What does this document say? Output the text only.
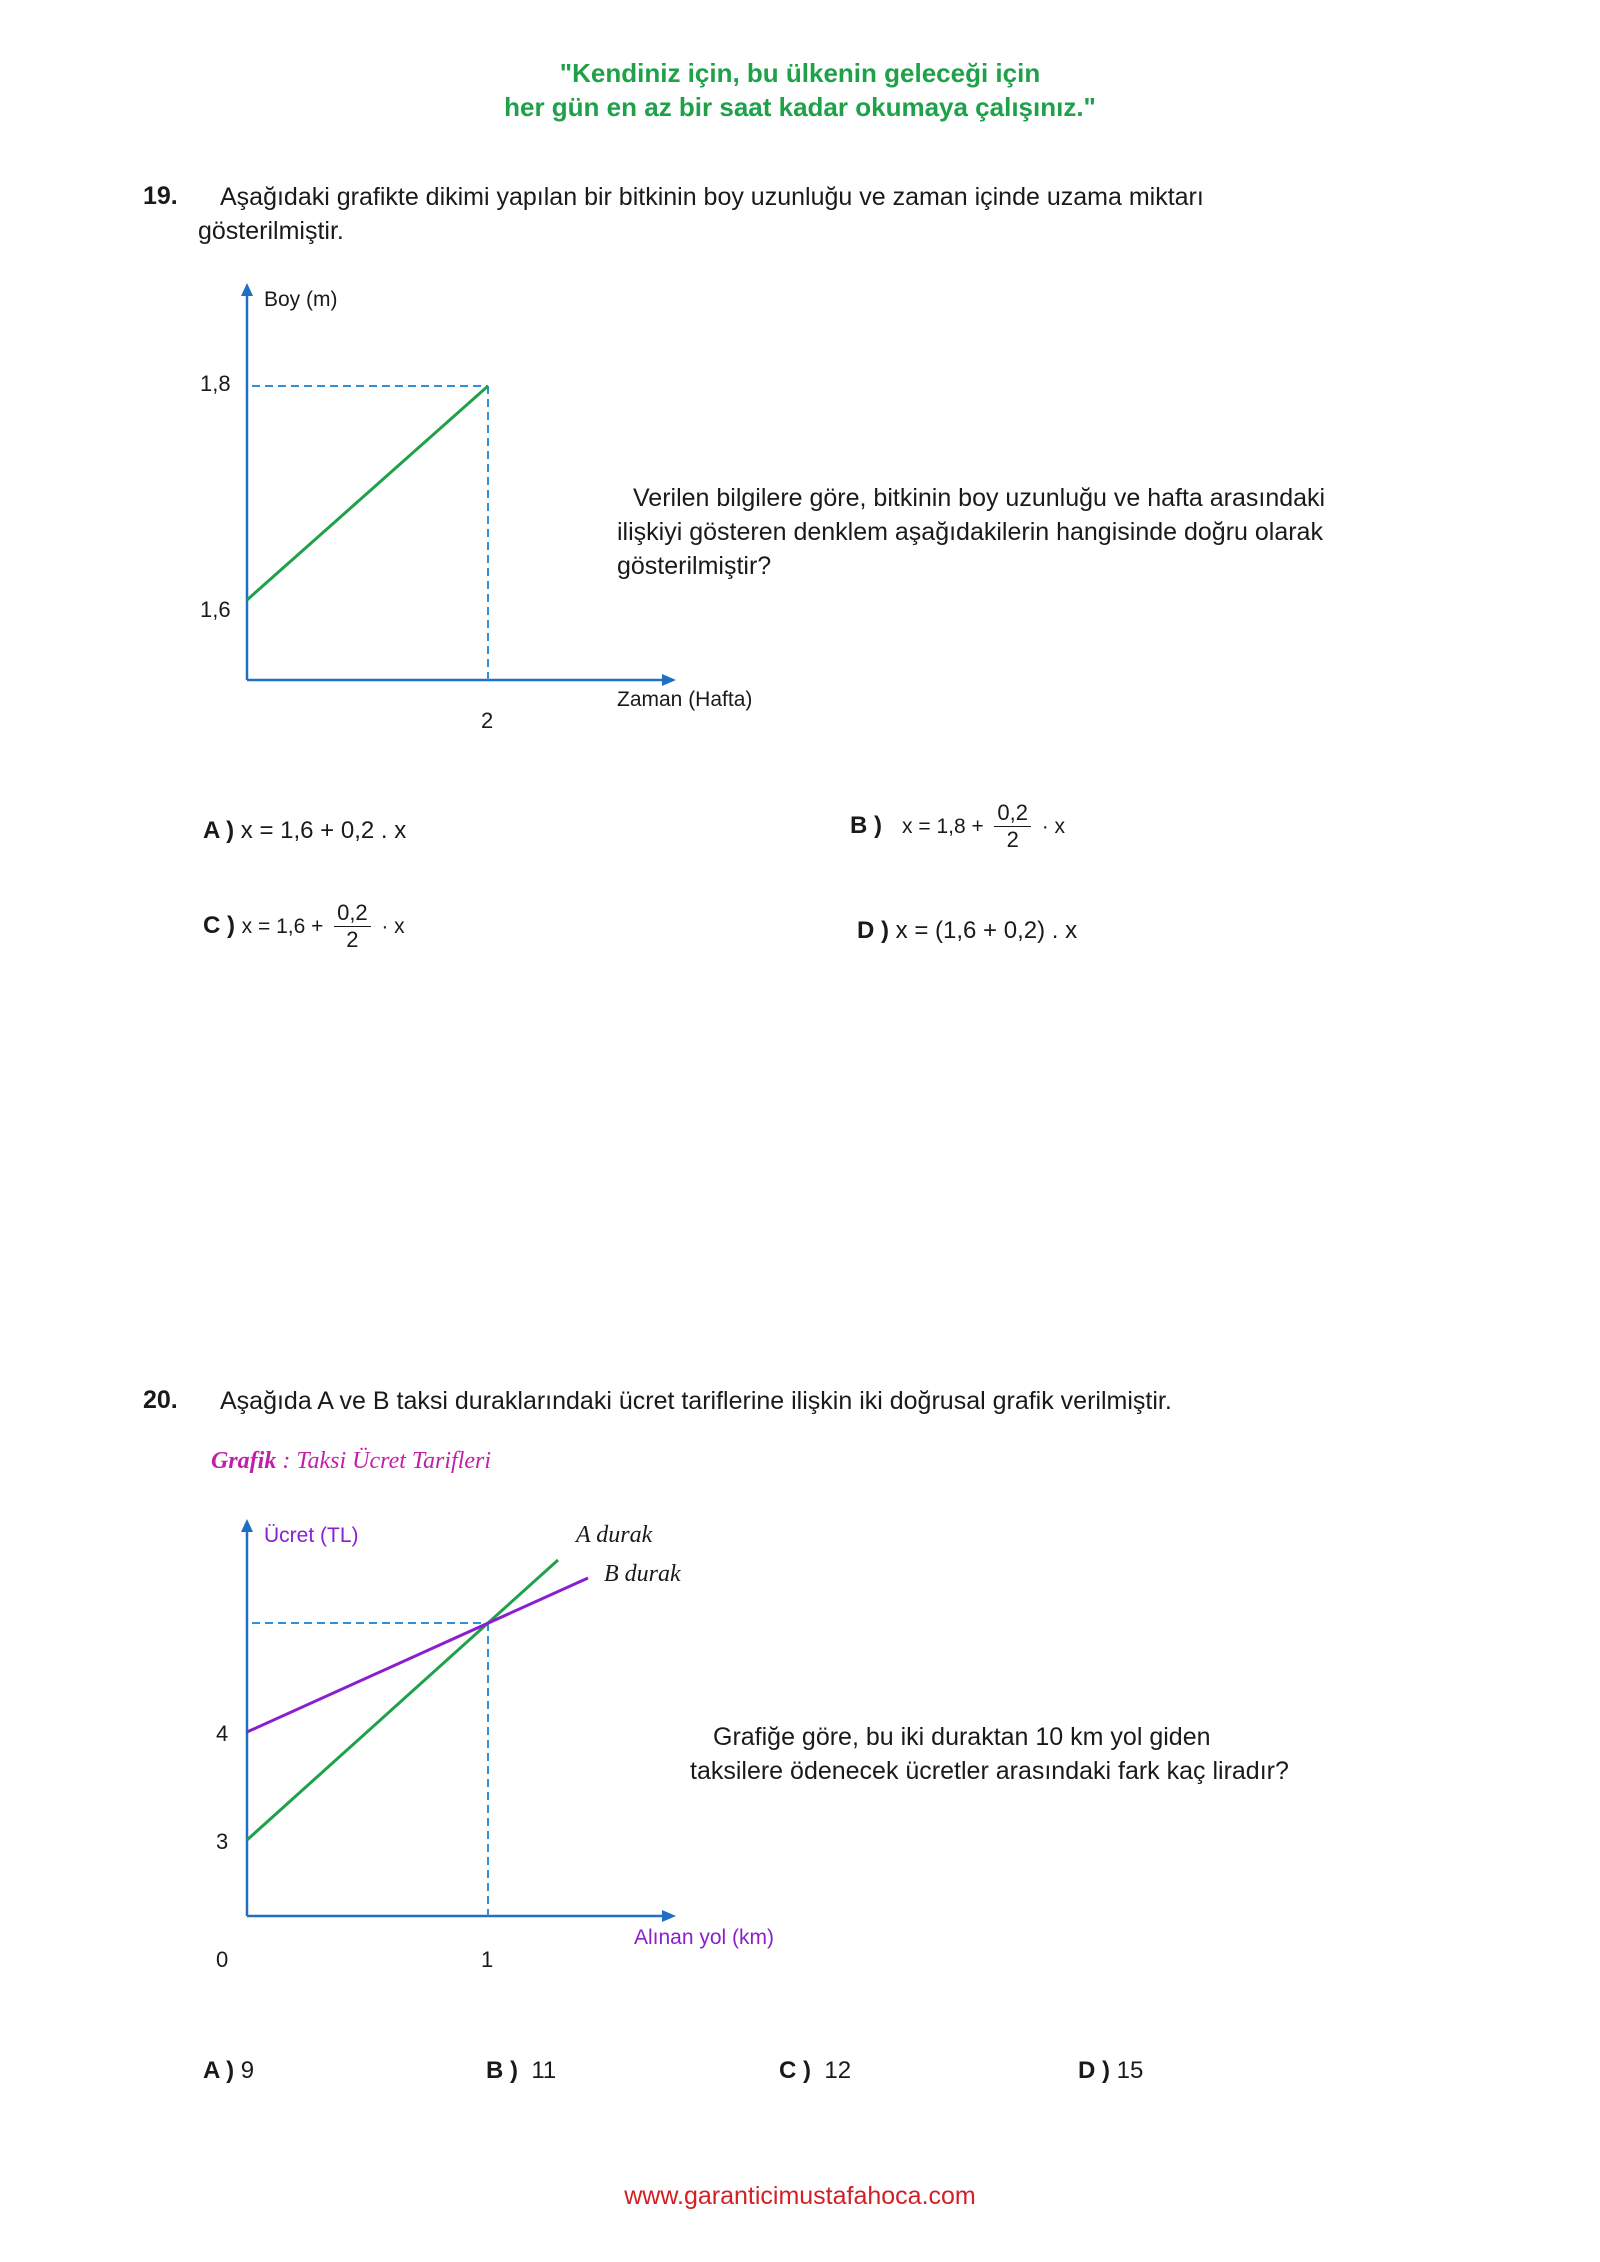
"Kendiniz için, bu ülkenin geleceği için
her gün en az bir saat kadar okumaya çalışınız."
19. Aşağıdaki grafikte dikimi yapılan bir bitkinin boy uzunluğu ve zaman içinde uzama miktarı
gösterilmiştir.
Boy (m)
1,8
1,6
2
Zaman (Hafta)
Verilen bilgilere göre, bitkinin boy uzunluğu ve hafta arasındaki
ilişkiyi gösteren denklem aşağıdakilerin hangisinde doğru olarak
gösterilmiştir?
A ) x = 1,6 + 0,2 . x	B ) $x = 1,8 + \frac{0,2}{2} \cdot x$
C ) $x = 1,6 + \frac{0,2}{2} \cdot x$	D ) x = (1,6 + 0,2) . x
20. Aşağıda A ve B taksi duraklarındaki ücret tariflerine ilişkin iki doğrusal grafik verilmiştir.
Grafik : Taksi Ücret Tarifleri
Ücret (TL)	A durak
B durak
4
3
0	1
Alınan yol (km)
Grafiğe göre, bu iki duraktan 10 km yol giden
taksilere ödenecek ücretler arasındaki fark kaç liradır?
A ) 9	B ) 11	C ) 12	D ) 15
www.garanticimustafahoca.com
